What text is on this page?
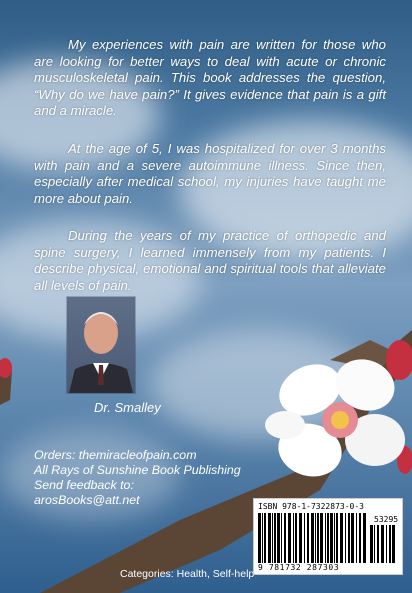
My experiences with pain are written for those who are looking for better ways to deal with acute or chronic musculoskeletal pain. This book addresses the question, “Why do we have pain?” It gives evidence that pain is a gift and a miracle.

At the age of 5, I was hospitalized for over 3 months with pain and a severe autoimmune illness. Since then, especially after medical school, my injuries have taught me more about pain.

During the years of my practice of orthopedic and spine surgery, I learned immensely from my patients. I describe physical, emotional and spiritual tools that alleviate all levels of pain.

Dr. Smalley
Orders: themiracleofpain.com
All Rays of Sunshine Book Publishing
Send feedback to:
arosBooks@att.net
Categories: Health, Self-help
ISBN 978-1-7322873-0-3
53295
9 781732 287303
